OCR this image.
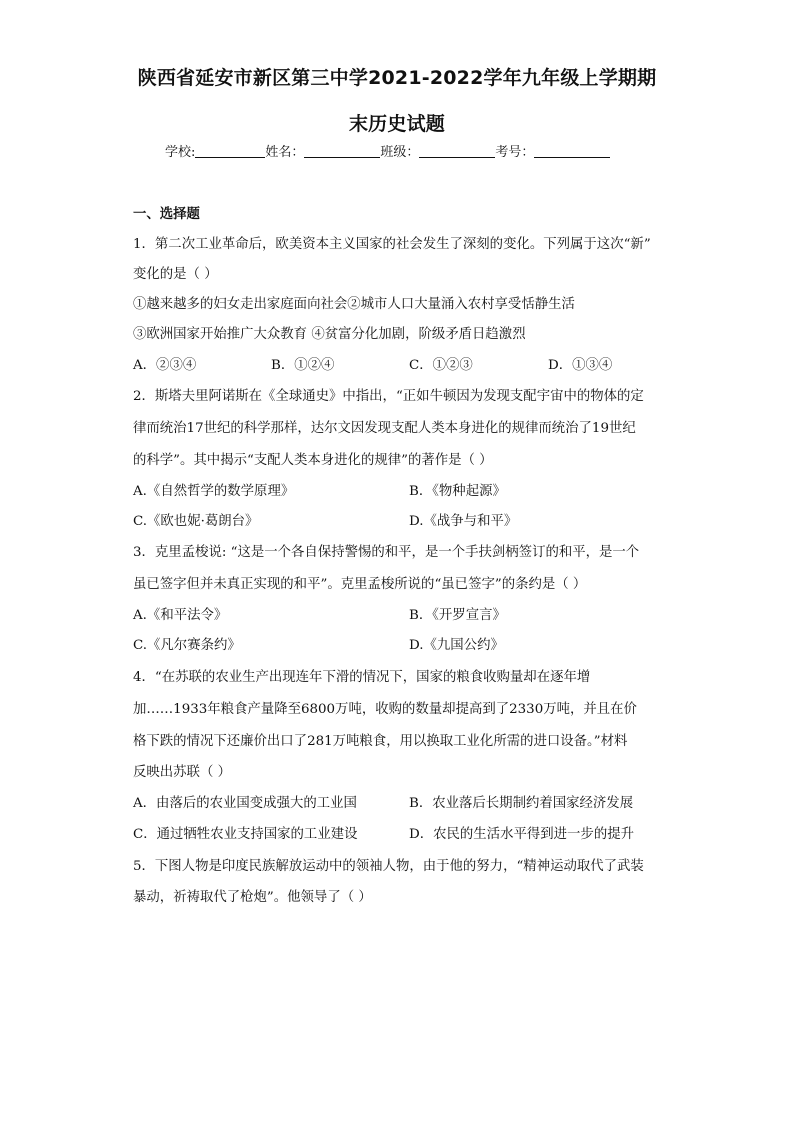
陕西省延安市新区第三中学2021-2022学年九年级上学期期
末历史试题
学校:	姓名：	班级：	考号：
一、选择题
1．第二次工业革命后，欧美资本主义国家的社会发生了深刻的变化。下列属于这次“新”
变化的是（ ）
①越来越多的妇女走出家庭面向社会②城市人口大量涌入农村享受恬静生活
③欧洲国家开始推广大众教育 ④贫富分化加剧，阶级矛盾日趋激烈
A．②③④	B．①②④	C．①②③	D．①③④
2．斯塔夫里阿诺斯在《全球通史》中指出，“正如牛顿因为发现支配宇宙中的物体的定
律而统治17世纪的科学那样，达尔文因发现支配人类本身进化的规律而统治了19世纪
的科学”。其中揭示“支配人类本身进化的规律”的著作是（ ）
A.《自然哲学的数学原理》	B．《物种起源》
C.《欧也妮·葛朗台》	D.《战争与和平》
3．克里孟梭说: “这是一个各自保持警惕的和平，是一个手扶剑柄签订的和平，是一个
虽已签字但并未真正实现的和平”。克里孟梭所说的“虽已签字”的条约是（ ）
A.《和平法令》	B．《开罗宣言》
C.《凡尔赛条约》	D.《九国公约》
4．“在苏联的农业生产出现连年下滑的情况下，国家的粮食收购量却在逐年增
加……1933年粮食产量降至6800万吨，收购的数量却提高到了2330万吨，并且在价
格下跌的情况下还廉价出口了281万吨粮食，用以换取工业化所需的进口设备。”材料
反映出苏联（ ）
A．由落后的农业国变成强大的工业国	B．农业落后长期制约着国家经济发展
C．通过牺牲农业支持国家的工业建设	D．农民的生活水平得到进一步的提升
5．下图人物是印度民族解放运动中的领袖人物，由于他的努力，“精神运动取代了武装
暴动，祈祷取代了枪炮”。他领导了（ ）
